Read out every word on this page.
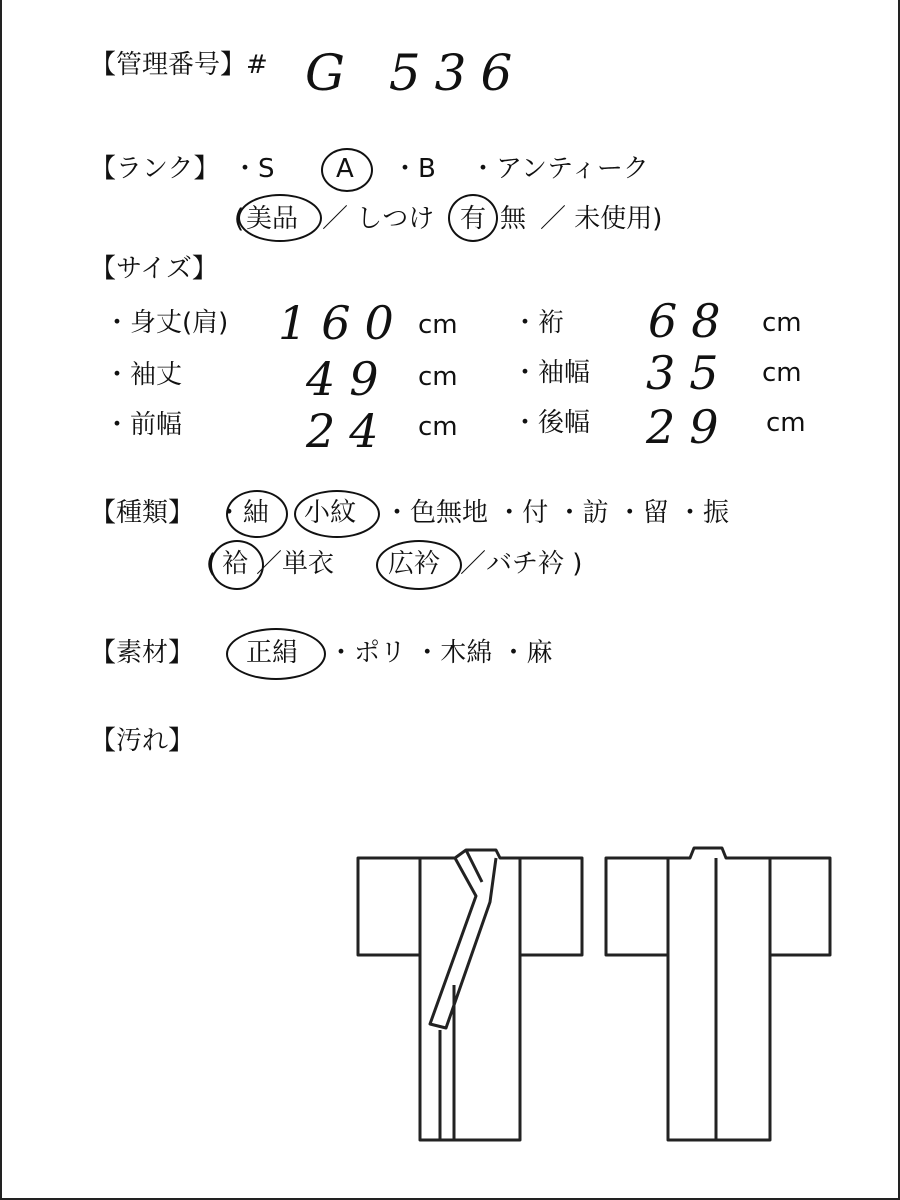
【管理番号】# G 536
【ランク】 ・S A ・B ・アンティーク
( 美品 ／ しつけ 有 無 ／ 未使用)
【サイズ】
・身丈(肩) 160 cm ・裄 68 cm
・袖丈	49 cm ・袖幅 35 cm
・前幅	24 cm ・後幅 29 cm
【種類】 ・ 紬 小紋 ・色無地 ・付 ・訪 ・留 ・振
( 袷 ／単衣 広衿 ／バチ衿 )
【素材】 正絹 ・ポリ ・木綿 ・麻
【汚れ】
